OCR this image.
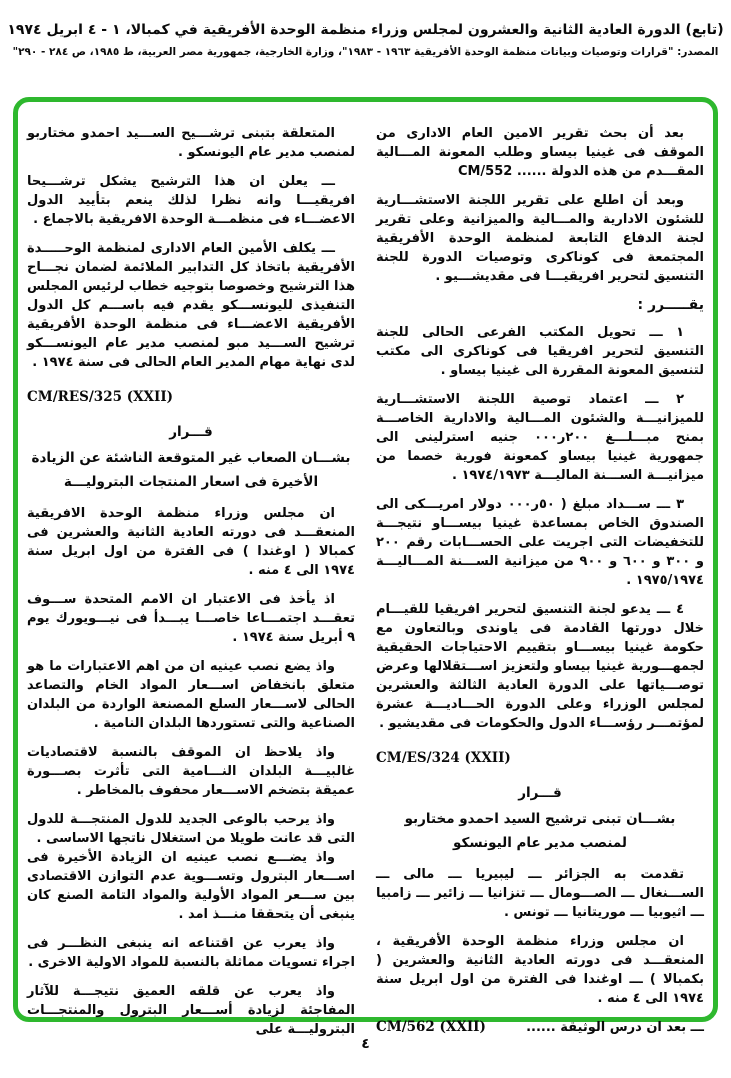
(تابع) الدورة العادية الثانية والعشرون لمجلس وزراء منظمة الوحدة الأفريقية في كمبالا، ١ - ٤ ابريل ١٩٧٤
المصدر: "قرارات وتوصيات وبيانات منظمة الوحدة الأفريقية ١٩٦٣ - ١٩٨٣"، وزارة الخارجية، جمهورية مصر العربية، ط ١٩٨٥، ص ٢٨٤ - ٢٩٠"

بعد أن بحث تقرير الامين العام الادارى من الموقف فى غينيا بيساو وطلب المعونة المـــالية المقـــدم من هذه الدولة ...... CM/552

وبعد أن اطلع على تقرير اللجنة الاستشـــارية للشئون الادارية والمـــالية والميزانية وعلى تقرير لجنة الدفاع التابعة لمنظمة الوحدة الأفريقية المجتمعة فى كوناكرى وتوصيات الدورة للجنة التنسيق لتحرير افريقيـــا فى مقديشـــيو .

يقـــــرر :

١ ـــ تحويل المكتب الفرعى الحالى للجنة التنسيق لتحرير افريقيا فى كوناكرى الى مكتب لتنسيق المعونة المقررة الى غينيا بيساو .

٢ ـــ اعتماد توصية اللجنة الاستشـــارية للميزانيـــة والشئون المـــالية والادارية الخاصـــة بمنح مبـــلـــغ ٢٠٠ر٠٠٠ جنيه استرلينى الى جمهورية غينيا بيساو كمعونة فورية خصما من ميزانيـــة الســـنة الماليـــة ١٩٧٤/١٩٧٣ .

٣ ـــ ســـداد مبلغ ( ٥٠ر٠٠٠ دولار امريـــكى الى الصندوق الخاص بمساعدة غينيا بيســـاو نتيجـــة للتخفيضات التى اجريت على الحســـابات رقم ٢٠٠ و ٣٠٠ و ٦٠٠ و ٩٠٠ من ميزانية الســـنة المـــاليـــة ١٩٧٥/١٩٧٤ .

٤ ـــ يدعو لجنة التنسيق لتحرير افريقيا للقيـــام خلال دورتها القادمة فى ياوندى وبالتعاون مع حكومة غينيا بيســـاو بتقييم الاحتياجات الحقيقية لجمهـــورية غينيا بيساو ولتعزيز اســـتقلالها وعرض توصـــياتها على الدورة العادية الثالثة والعشرين لمجلس الوزراء وعلى الدورة الحـــاديـــة عشرة لمؤتمـــر رؤســـاء الدول والحكومات فى مقديشيو .

CM/ES/324 (XXII)

قـــرار

بشـــان تبنى ترشيح السيد احمدو مختاربو

لمنصب مدير عام اليونسكو

تقدمت به الجزائر ـــ ليبيريا ـــ مالى ـــ الســـنغال ـــ الصـــومال ـــ تنزانيا ـــ زائير ـــ زامبيا ـــ اثيوبيا ـــ موريتانيا ـــ تونس .

ان مجلس وزراء منظمة الوحدة الأفريقية ، المنعقـــد فى دورته العادية الثانية والعشرين ( بكمبالا ) ـــ اوغندا فى الفترة من اول ابريل سنة ١٩٧٤ الى ٤ منه .

ـــ بعد ان درس الوثيقة ......
CM/562 (XXII)

المتعلقة بتبنى ترشـــيح الســـيد احمدو مختاربو لمنصب مدير عام اليونسكو .

ـــ يعلن ان هذا الترشيح يشكل ترشـــيحا افريقيـــا وانه نظرا لذلك ينعم بتأييد الدول الاعضـــاء فى منظمـــة الوحدة الافريقية بالاجماع .

ـــ يكلف الأمين العام الادارى لمنظمة الوحـــــدة الأفريقية باتخاذ كل التدابير الملائمة لضمان نجـــاح هذا الترشيح وخصوصا بتوجيه خطاب لرئيس المجلس التنفيذى لليونســـكو يقدم فيه باســـم كل الدول الأفريقية الاعضـــاء فى منظمة الوحدة الأفريقية ترشيح الســـيد مبو لمنصب مدير عام اليونســـكو لدى نهاية مهام المدير العام الحالى فى سنة ١٩٧٤ .

CM/RES/325 (XXII)

قـــرار

بشـــان الصعاب غير المتوقعة الناشئة عن الزيادة

الأخيرة فى اسعار المنتجات البتروليـــة

ان مجلس وزراء منظمة الوحدة الافريقية المنعقـــد فى دورته العادية الثانية والعشرين فى كمبالا ( اوغندا ) فى الفترة من اول ابريل سنة ١٩٧٤ الى ٤ منه .

اذ يأخذ فى الاعتبار ان الامم المتحدة ســـوف تعقـــد اجتمـــاعا خاصـــا يبـــدأ فى نيـــويورك يوم ٩ أبريل سنة ١٩٧٤ .

واذ يضع نصب عينيه ان من اهم الاعتبارات ما هو متعلق بانخفاض اســـعار المواد الخام والتصاعد الحالى لاســـعار السلع المصنعة الواردة من البلدان الصناعية والتى تستوردها البلدان النامية .

واذ يلاحظ ان الموقف بالنسبة لاقتصاديات غالبيـــة البلدان النـــامية التى تأثرت بصـــورة عميقة بتضخم الاســـعار محفوف بالمخاطر .

واذ يرحب بالوعى الجديد للدول المنتجـــة للدول التى قد عانت طويلا من استغلال ناتجها الاساسى .

واذ يضـــع نصب عينيه ان الزيادة الأخيرة فى اســـعار البترول وتســـوية عدم التوازن الاقتصادى بين ســـعر المواد الأولية والمواد التامة الصنع كان ينبغى أن يتحققا منـــذ امد .

واذ يعرب عن اقتناعه انه ينبغى النظـــر فى اجراء تسويات مماثلة بالنسبة للمواد الاولية الاخرى .

واذ يعرب عن قلقه العميق نتيجـــة للآثار المفاجئة لزيادة أســـعار البترول والمنتجـــات البتروليـــة على

٤
